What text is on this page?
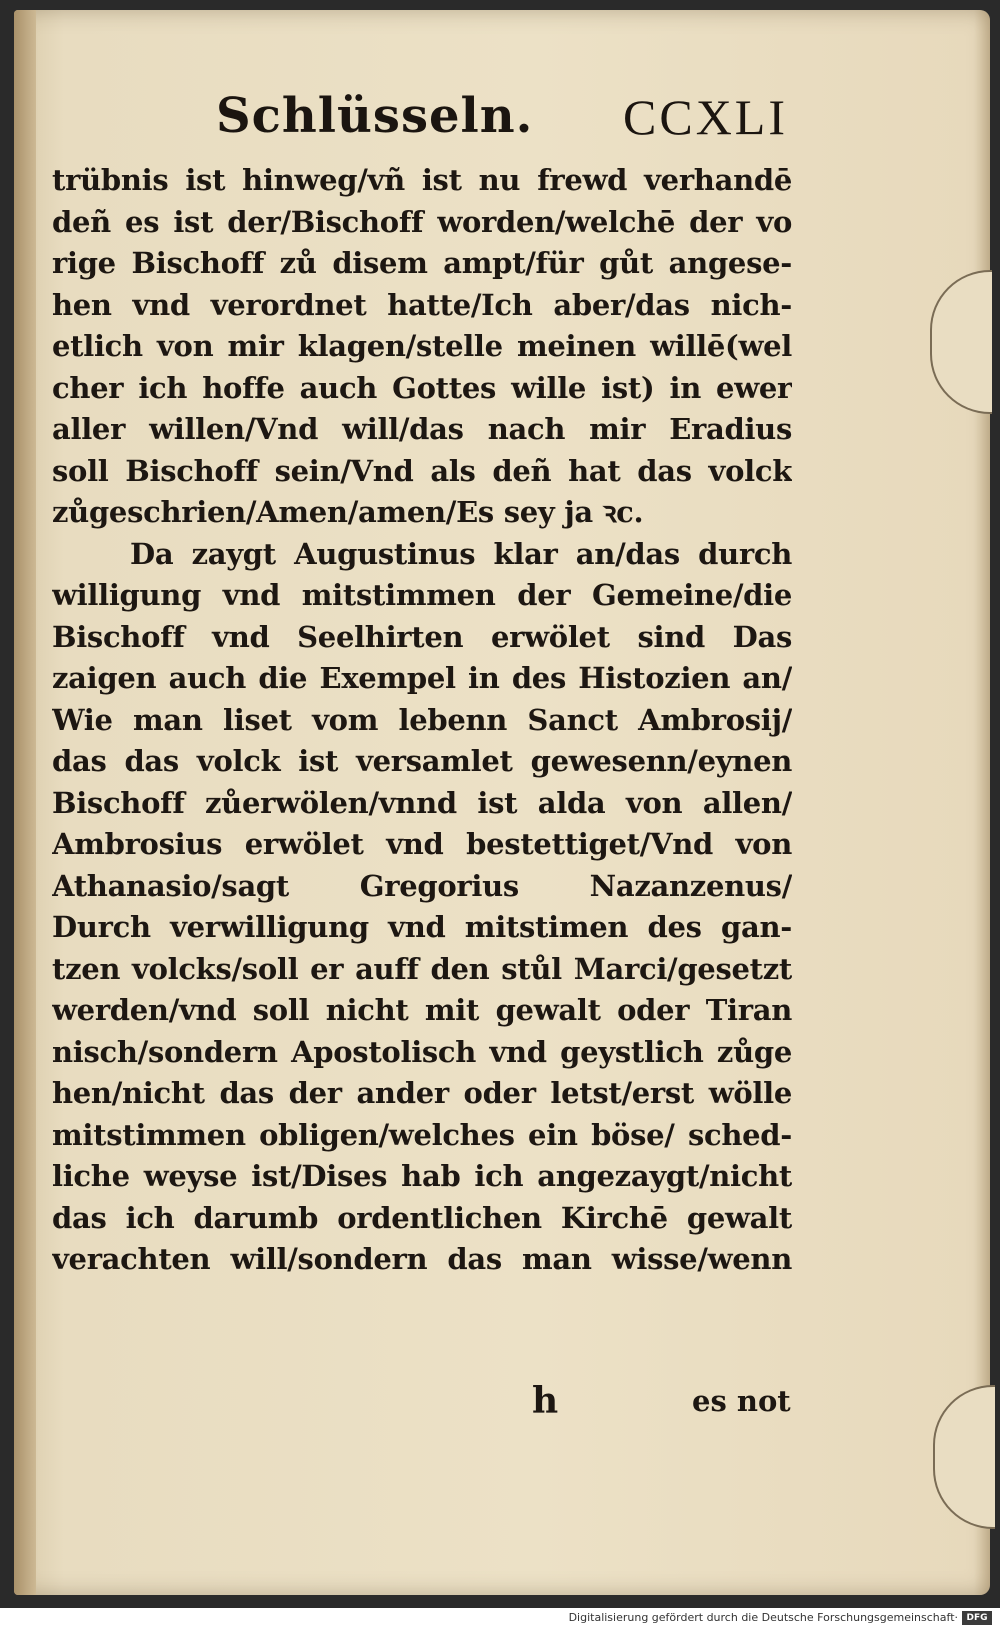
Schlüsseln. CCXLI
trübnis ist hinweg/vñ ist nu frewd verhandē
deñ es ist der/Bischoff worden/welchē der vo
rige Bischoff zů disem ampt/für gůt angese-
hen vnd verordnet hatte/Ich aber/das nich-
etlich von mir klagen/stelle meinen willē(wel
cher ich hoffe auch Gottes wille ist) in ewer
aller willen/Vnd will/das nach mir Eradius
soll Bischoff sein/Vnd als deñ hat das volck
zůgeschrien/Amen/amen/Es sey ja ꝛc.
Da zaygt Augustinus klar an/das durch
willigung vnd mitstimmen der Gemeine/die
Bischoff vnd Seelhirten erwölet sind Das
zaigen auch die Exempel in des Histozien an/
Wie man liset vom lebenn Sanct Ambrosij/
das das volck ist versamlet gewesenn/eynen
Bischoff zůerwölen/vnnd ist alda von allen/
Ambrosius erwölet vnd bestettiget/Vnd von
Athanasio/sagt Gregorius Nazanzenus/
Durch verwilligung vnd mitstimen des gan-
tzen volcks/soll er auff den stůl Marci/gesetzt
werden/vnd soll nicht mit gewalt oder Tiran
nisch/sondern Apostolisch vnd geystlich zůge
hen/nicht das der ander oder letst/erst wölle
mitstimmen obligen/welches ein böse/ sched-
liche weyse ist/Dises hab ich angezaygt/nicht
das ich darumb ordentlichen Kirchē gewalt
verachten will/sondern das man wisse/wenn
h	es not
Digitalisierung gefördert durch die Deutsche Forschungsgemeinschaft· DFG
